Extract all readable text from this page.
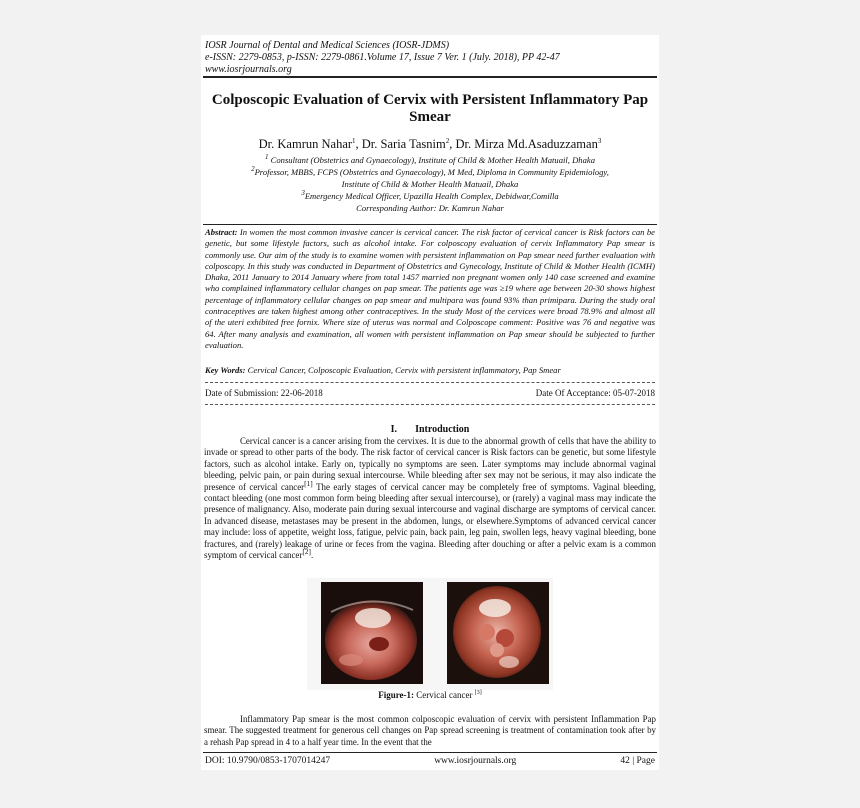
IOSR Journal of Dental and Medical Sciences (IOSR-JDMS)
e-ISSN: 2279-0853, p-ISSN: 2279-0861.Volume 17, Issue 7 Ver. 1 (July. 2018), PP 42-47
www.iosrjournals.org
Colposcopic Evaluation of Cervix with Persistent Inflammatory Pap Smear
Dr. Kamrun Nahar$^1$, Dr. Saria Tasnim$^2$, Dr. Mirza Md.Asaduzzaman$^3$
$^1$ Consultant (Obstetrics and Gynaecology), Institute of Child & Mother Health Matuail, Dhaka
$^2$Professor, MBBS, FCPS (Obstetrics and Gynaecology), M Med, Diploma in Community Epidemiology,
Institute of Child & Mother Health Matuail, Dhaka
$^3$Emergency Medical Officer, Upazilla Health Complex, Debidwar,Comilla
Corresponding Author: Dr. Kamrun Nahar
Abstract: In women the most common invasive cancer is cervical cancer. The risk factor of cervical cancer is Risk factors can be genetic, but some lifestyle factors, such as alcohol intake. For colposcopy evaluation of cervix Inflammatory Pap smear is commonly use. Our aim of the study is to examine women with persistent inflammation on Pap smear need further evaluation with colposcopy. In this study was conducted in Department of Obstetrics and Gynecology, Institute of Child & Mother Health (ICMH) Dhaka, 2011 January to 2014 January where from total 1457 married non pregnant women only 140 case screened and examine who complained inflammatory cellular changes on pap smear. The patients age was ≥19 where age between 20-30 shows highest percentage of inflammatory cellular changes on pap smear and multipara was found 93% than primipara. During the study oral contraceptives are taken highest among other contraceptives. In the study Most of the cervices were broad 78.9% and almost all of the uteri exhibited free fornix. Where size of uterus was normal and Colposcope comment: Positive was 76 and negative was 64. After many analysis and examination, all women with persistent inflammation on Pap smear should be subjected to further evaluation.
Key Words: Cervical Cancer, Colposcopic Evaluation, Cervix with persistent inflammatory, Pap Smear
Date of Submission: 22-06-2018	Date Of Acceptance: 05-07-2018
I. Introduction
Cervical cancer is a cancer arising from the cervixes. It is due to the abnormal growth of cells that have the ability to invade or spread to other parts of the body. The risk factor of cervical cancer is Risk factors can be genetic, but some lifestyle factors, such as alcohol intake. Early on, typically no symptoms are seen. Later symptoms may include abnormal vaginal bleeding, pelvic pain, or pain during sexual intercourse. While bleeding after sex may not be serious, it may also indicate the presence of cervical cancer[1] The early stages of cervical cancer may be completely free of symptoms. Vaginal bleeding, contact bleeding (one most common form being bleeding after sexual intercourse), or (rarely) a vaginal mass may indicate the presence of malignancy. Also, moderate pain during sexual intercourse and vaginal discharge are symptoms of cervical cancer. In advanced disease, metastases may be present in the abdomen, lungs, or elsewhere.Symptoms of advanced cervical cancer may include: loss of appetite, weight loss, fatigue, pelvic pain, back pain, leg pain, swollen legs, heavy vaginal bleeding, bone fractures, and (rarely) leakage of urine or feces from the vagina. Bleeding after douching or after a pelvic exam is a common symptom of cervical cancer[2].
Figure-1: Cervical cancer [3]
Inflammatory Pap smear is the most common colposcopic evaluation of cervix with persistent Inflammation Pap smear. The suggested treatment for generous cell changes on Pap spread screening is treatment of contamination took after by a rehash Pap spread in 4 to a half year time. In the event that the
DOI: 10.9790/0853-1707014247	www.iosrjournals.org	42 | Page
